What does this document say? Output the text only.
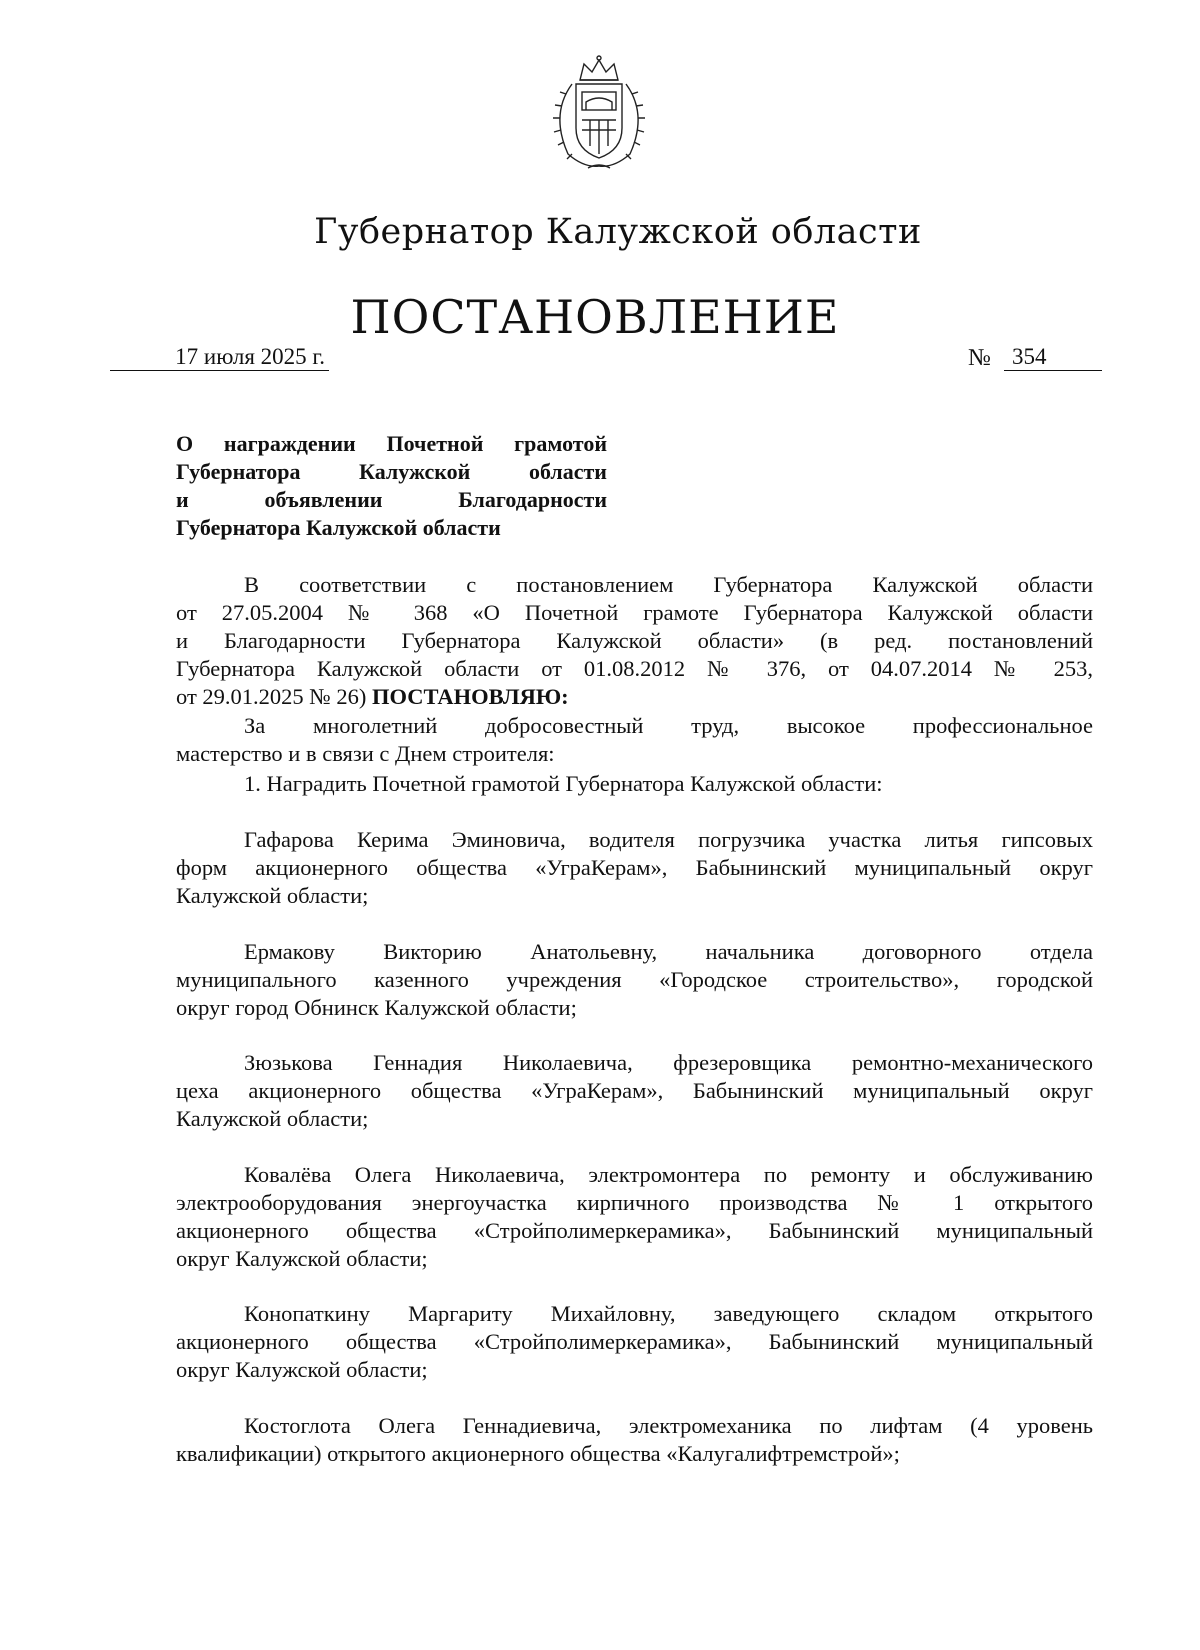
Губернатор Калужской области
ПОСТАНОВЛЕНИЕ
17 июля 2025 г.	№ 354
О награждении Почетной грамотой
Губернатора Калужской области
и объявлении Благодарности
Губернатора Калужской области
В соответствии с постановлением Губернатора Калужской области
от 27.05.2004 № 368 «О Почетной грамоте Губернатора Калужской области
и Благодарности Губернатора Калужской области» (в ред. постановлений
Губернатора Калужской области от 01.08.2012 № 376, от 04.07.2014 № 253,
от 29.01.2025 № 26) ПОСТАНОВЛЯЮ:
За многолетний добросовестный труд, высокое профессиональное
мастерство и в связи с Днем строителя:
1. Наградить Почетной грамотой Губернатора Калужской области:
Гафарова Керима Эминовича, водителя погрузчика участка литья гипсовых
форм акционерного общества «УграКерам», Бабынинский муниципальный округ
Калужской области;
Ермакову Викторию Анатольевну, начальника договорного отдела
муниципального казенного учреждения «Городское строительство», городской
округ город Обнинск Калужской области;
Зюзькова Геннадия Николаевича, фрезеровщика ремонтно-механического
цеха акционерного общества «УграКерам», Бабынинский муниципальный округ
Калужской области;
Ковалёва Олега Николаевича, электромонтера по ремонту и обслуживанию
электрооборудования энергоучастка кирпичного производства № 1 открытого
акционерного общества «Стройполимеркерамика», Бабынинский муниципальный
округ Калужской области;
Конопаткину Маргариту Михайловну, заведующего складом открытого
акционерного общества «Стройполимеркерамика», Бабынинский муниципальный
округ Калужской области;
Костоглота Олега Геннадиевича, электромеханика по лифтам (4 уровень
квалификации) открытого акционерного общества «Калугалифтремстрой»;
